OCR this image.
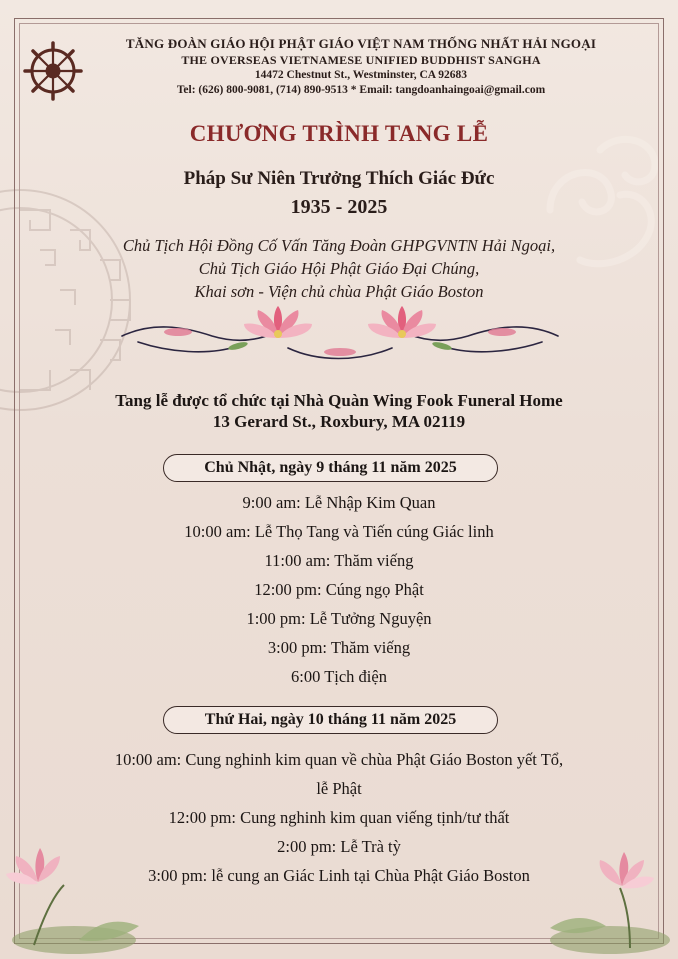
TĂNG ĐOÀN GIÁO HỘI PHẬT GIÁO VIỆT NAM THỐNG NHẤT HẢI NGOẠI
THE OVERSEAS VIETNAMESE UNIFIED BUDDHIST SANGHA
14472 Chestnut St., Westminster, CA 92683
Tel: (626) 800-9081, (714) 890-9513 * Email: tangdoanhaingoai@gmail.com
CHƯƠNG TRÌNH TANG LỄ
Pháp Sư Niên Trưởng Thích Giác Đức
1935 - 2025
Chủ Tịch Hội Đồng Cố Vấn Tăng Đoàn GHPGVNTN Hải Ngoại,
Chủ Tịch Giáo Hội Phật Giáo Đại Chúng,
Khai sơn - Viện chủ chùa Phật Giáo Boston
Tang lễ được tổ chức tại Nhà Quàn Wing Fook Funeral Home
13 Gerard St., Roxbury, MA 02119
Chủ Nhật, ngày 9 tháng 11 năm 2025
9:00 am: Lễ Nhập Kim Quan
10:00 am: Lễ Thọ Tang và Tiến cúng Giác linh
11:00 am: Thăm viếng
12:00 pm: Cúng ngọ Phật
1:00 pm: Lễ Tưởng Nguyện
3:00 pm: Thăm viếng
6:00 Tịch điện
Thứ Hai, ngày 10 tháng 11 năm 2025
10:00 am: Cung nghinh kim quan về chùa Phật Giáo Boston yết Tổ,
lễ Phật
12:00 pm: Cung nghinh kim quan viếng tịnh/tư thất
2:00 pm: Lễ Trà tỳ
3:00 pm: lễ cung an Giác Linh tại Chùa Phật Giáo Boston
